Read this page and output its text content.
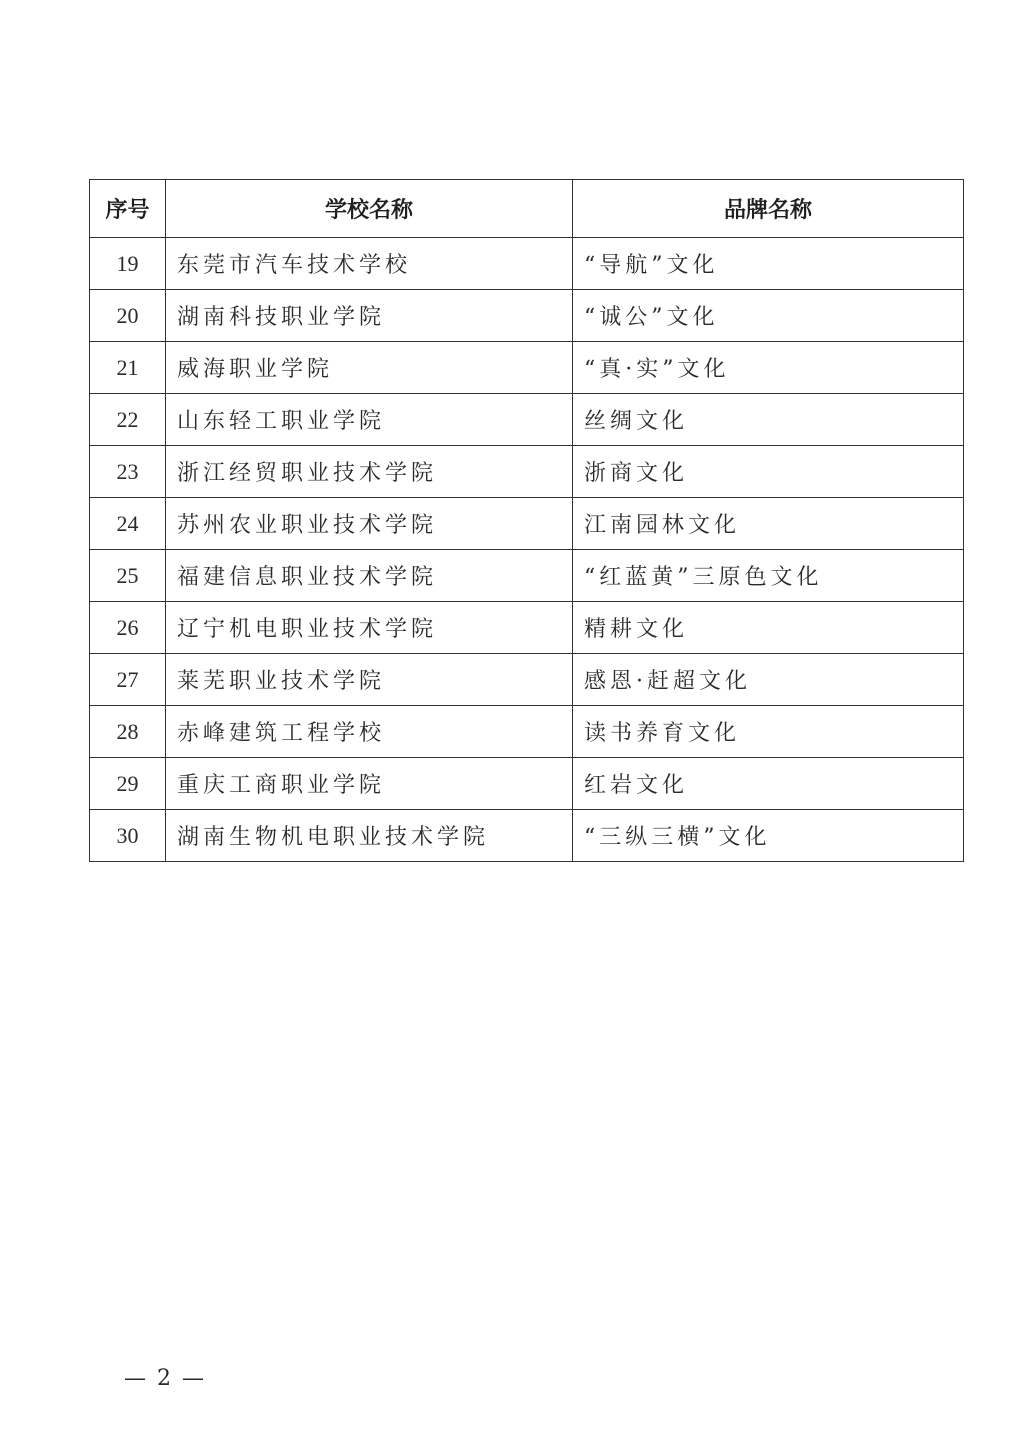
序号	学校名称	品牌名称
19	东莞市汽车技术学校	“导航”文化
20	湖南科技职业学院	“诚公”文化
21	威海职业学院	“真·实”文化
22	山东轻工职业学院	丝绸文化
23	浙江经贸职业技术学院	浙商文化
24	苏州农业职业技术学院	江南园林文化
25	福建信息职业技术学院	“红蓝黄”三原色文化
26	辽宁机电职业技术学院	精耕文化
27	莱芜职业技术学院	感恩·赶超文化
28	赤峰建筑工程学校	读书养育文化
29	重庆工商职业学院	红岩文化
30	湖南生物机电职业技术学院	“三纵三横”文化
— 2 —
